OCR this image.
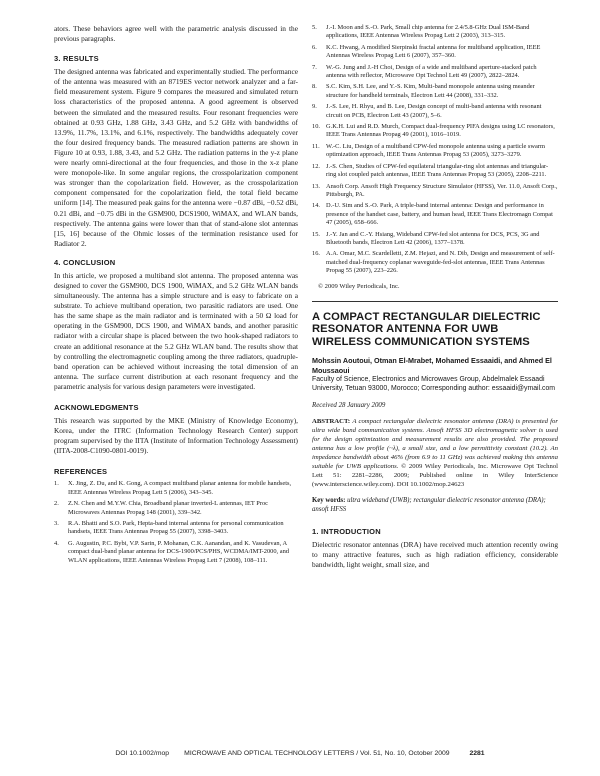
ators. These behaviors agree well with the parametric analysis discussed in the previous paragraphs.

3. RESULTS

The designed antenna was fabricated and experimentally studied. The performance of the antenna was measured with an 8719ES vector network analyzer and a far-field measurement system. Figure 9 compares the measured and simulated return loss characteristics of the proposed antenna. A good agreement is observed between the simulated and the measured results. Four resonant frequencies were obtained at 0.93 GHz, 1.88 GHz, 3.43 GHz, and 5.2 GHz with bandwidths of 13.9%, 11.7%, 13.1%, and 6.1%, respectively. The bandwidths adequately cover the four desired frequency bands. The measured radiation patterns are shown in Figure 10 at 0.93, 1.88, 3.43, and 5.2 GHz. The radiation patterns in the y-z plane were nearly omni-directional at the four frequencies, and those in the x-z plane were monopole-like. In some angular regions, the crosspolarization component was stronger than the copolarization field. However, as the crosspolarization component compensated for the copolarization field, the total field became uniform [14]. The measured peak gains for the antenna were −0.87 dBi, −0.52 dBi, 0.21 dBi, and −0.75 dBi in the GSM900, DCS1900, WiMAX, and WLAN bands, respectively. The antenna gains were lower than that of stand-alone slot antennas [15, 16] because of the Ohmic losses of the termination resistance used for Radiator 2.

4. CONCLUSION

In this article, we proposed a multiband slot antenna. The proposed antenna was designed to cover the GSM900, DCS 1900, WiMAX, and 5.2 GHz WLAN bands simultaneously. The antenna has a simple structure and is easy to fabricate on a substrate. To achieve multiband operation, two parasitic radiators are used. One has the same shape as the main radiator and is terminated with a 50 Ω load for operating in the GSM900, DCS 1900, and WiMAX bands, and another parasitic radiator with a circular shape is placed between the two hook-shaped radiators to create an additional resonance at the 5.2 GHz WLAN band. The results show that by controlling the electromagnetic coupling among the three radiators, quadruple-band operation can be achieved without increasing the total dimension of an antenna. The surface current distribution at each resonant frequency and the parametric analysis for various design parameters were investigated.

ACKNOWLEDGMENTS

This research was supported by the MKE (Ministry of Knowledge Economy), Korea, under the ITRC (Information Technology Research Center) support program supervised by the IITA (Institute of Information Technology Assessment) (IITA-2008-C1090-0801-0019).

REFERENCES
1. X. Jing, Z. Du, and K. Gong, A compact multiband planar antenna for mobile handsets, IEEE Antennas Wireless Propag Lett 5 (2006), 343–345.
2. Z.N. Chen and M.Y.W. Chia, Broadband planar inverted-L antennas, IET Proc Microwaves Antennas Propag 148 (2001), 339–342.
3. R.A. Bhatti and S.O. Park, Hepta-band internal antenna for personal communication handsets, IEEE Trans Antennas Propag 55 (2007), 3398–3403.
4. G. Augustin, P.C. Bybi, V.P. Sarin, P. Mohanan, C.K. Aanandan, and K. Vasudevan, A compact dual-band planar antenna for DCS-1900/PCS/PHS, WCDMA/IMT-2000, and WLAN applications, IEEE Antennas Wireless Propag Lett 7 (2008), 108–111.
5. J.-I. Moon and S.-O. Park, Small chip antenna for 2.4/5.8-GHz Dual ISM-Band applications, IEEE Antennas Wireless Propag Lett 2 (2003), 313–315.
6. K.C. Hwang, A modified Sierpinski fractal antenna for multiband application, IEEE Antennas Wireless Propag Lett 6 (2007), 357–360.
7. W.-G. Jung and J.-H Choi, Design of a wide and multiband aperture-stacked patch antenna with reflector, Microwave Opt Technol Lett 49 (2007), 2822–2824.
8. S.C. Kim, S.H. Lee, and Y.-S. Kim, Multi-band monopole antenna using meander structure for handheld terminals, Electron Lett 44 (2008), 331–332.
9. J.-S. Lee, H. Rhyu, and B. Lee, Design concept of multi-band antenna with resonant circuit on PCB, Electron Lett 43 (2007), 5–6.
10. G.K.H. Lui and R.D. Murch, Compact dual-frequency PIFA designs using LC resonators, IEEE Trans Antennas Propag 49 (2001), 1016–1019.
11. W.-C. Liu, Design of a multiband CPW-fed monopole antenna using a particle swarm optimization approach, IEEE Trans Antennas Propag 53 (2005), 3273–3279.
12. J.-S. Chen, Studies of CPW-fed equilateral triangular-ring slot antennas and triangular-ring slot coupled patch antennas, IEEE Trans Antennas Propag 53 (2005), 2208–2211.
13. Ansoft Corp. Ansoft High Frequency Structure Simulator (HFSS), Ver. 11.0, Ansoft Corp., Pittsburgh, PA.
14. D.-U. Sim and S.-O. Park, A triple-band internal antenna: Design and performance in presence of the handset case, battery, and human head, IEEE Trans Electromagn Compat 47 (2005), 658–666.
15. J.-Y. Jan and C.-Y. Hsiang, Wideband CPW-fed slot antenna for DCS, PCS, 3G and Bluetooth bands, Electron Lett 42 (2006), 1377–1378.
16. A.A. Omar, M.C. Scardelletti, Z.M. Hejazi, and N. Dib, Design and measurement of self-matched dual-frequency coplanar waveguide-fed-slot antennas, IEEE Trans Antennas Propag 55 (2007), 223–226.

© 2009 Wiley Periodicals, Inc.

A COMPACT RECTANGULAR DIELECTRIC RESONATOR ANTENNA FOR UWB WIRELESS COMMUNICATION SYSTEMS

Mohssin Aoutoui, Otman El-Mrabet, Mohamed Essaaidi, and Ahmed El Moussaoui

Faculty of Science, Electronics and Microwaves Group, Abdelmalek Essaadi University, Tetuan 93000, Morocco; Corresponding author: essaaidi@ymail.com

Received 28 January 2009

ABSTRACT: A compact rectangular dielectric resonator antenna (DRA) is presented for ultra wide band communication systems. Ansoft HFSS 3D electromagnetic solver is used for the design optimization and measurement results are also provided. The proposed antenna has a low profile (~λ), a small size, and a low permittivity constant (10.2). An impedance bandwidth about 46% (from 6.9 to 11 GHz) was achieved making this antenna suitable for UWB applications. © 2009 Wiley Periodicals, Inc. Microwave Opt Technol Lett 51: 2281–2286, 2009; Published online in Wiley InterScience (www.interscience.wiley.com). DOI 10.1002/mop.24623

Key words: ultra wideband (UWB); rectangular dielectric resonator antenna (DRA); ansoft HFSS

1. INTRODUCTION

Dielectric resonator antennas (DRA) have received much attention recently owing to many attractive features, such as high radiation efficiency, considerable bandwidth, light weight, small size, and

DOI 10.1002/mop MICROWAVE AND OPTICAL TECHNOLOGY LETTERS / Vol. 51, No. 10, October 2009	2281
